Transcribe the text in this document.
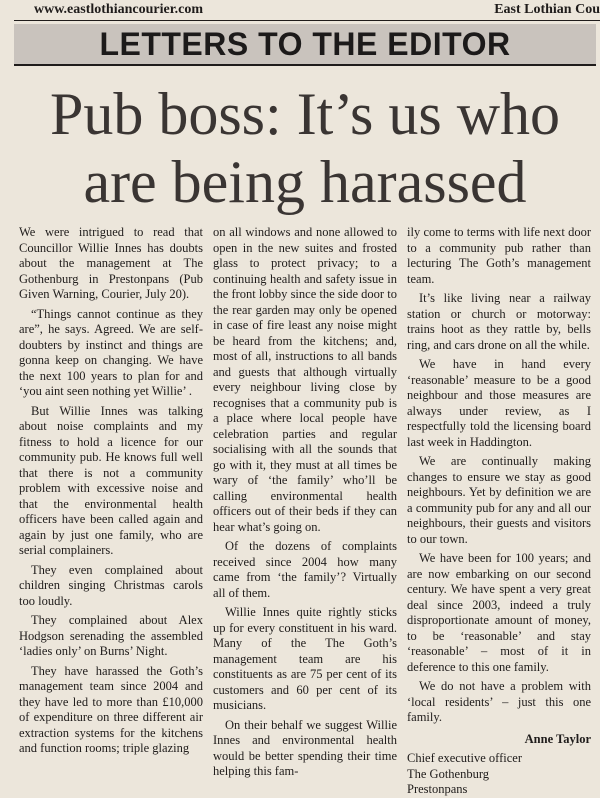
www.eastlothiancourier.com	East Lothian Cou
LETTERS TO THE EDITOR
Pub boss: It’s us who
are being harassed

We were intrigued to read that Councillor Willie Innes has doubts about the management at The Gothenburg in Prestonpans (Pub Given Warning, Courier, July 20).

“Things cannot continue as they are”, he says. Agreed. We are self-doubters by instinct and things are gonna keep on changing. We have the next 100 years to plan for and ‘you aint seen nothing yet Willie’ .

But Willie Innes was talking about noise complaints and my fitness to hold a licence for our community pub. He knows full well that there is not a community problem with excessive noise and that the environmental health officers have been called again and again by just one family, who are serial complainers.

They even complained about children singing Christmas carols too loudly.

They complained about Alex Hodgson serenading the assembled ‘ladies only’ on Burns’ Night.

They have harassed the Goth’s management team since 2004 and they have led to more than £10,000 of expenditure on three different air extraction systems for the kitchens and function rooms; triple glazing

on all windows and none allowed to open in the new suites and frosted glass to protect privacy; to a continuing health and safety issue in the front lobby since the side door to the rear garden may only be opened in case of fire least any noise might be heard from the kitchens; and, most of all, instructions to all bands and guests that although virtually every neighbour living close by recognises that a community pub is a place where local people have celebration parties and regular socialising with all the sounds that go with it, they must at all times be wary of ‘the family’ who’ll be calling environmental health officers out of their beds if they can hear what’s going on.

Of the dozens of complaints received since 2004 how many came from ‘the family’? Virtually all of them.

Willie Innes quite rightly sticks up for every constituent in his ward. Many of the The Goth’s management team are his constituents as are 75 per cent of its customers and 60 per cent of its musicians.

On their behalf we suggest Willie Innes and environmental health would be better spending their time helping this fam-

ily come to terms with life next door to a community pub rather than lecturing The Goth’s management team.

It’s like living near a railway station or church or motorway: trains hoot as they rattle by, bells ring, and cars drone on all the while.

We have in hand every ‘reasonable’ measure to be a good neighbour and those measures are always under review, as I respectfully told the licensing board last week in Haddington.

We are continually making changes to ensure we stay as good neighbours. Yet by definition we are a community pub for any and all our neighbours, their guests and visitors to our town.

We have been for 100 years; and are now embarking on our second century. We have spent a very great deal since 2003, indeed a truly disproportionate amount of money, to be ‘reasonable’ and stay ‘reasonable’ – most of it in deference to this one family.

We do not have a problem with ‘local residents’ – just this one family.

Anne Taylor

Chief executive officer

The Gothenburg

Prestonpans
